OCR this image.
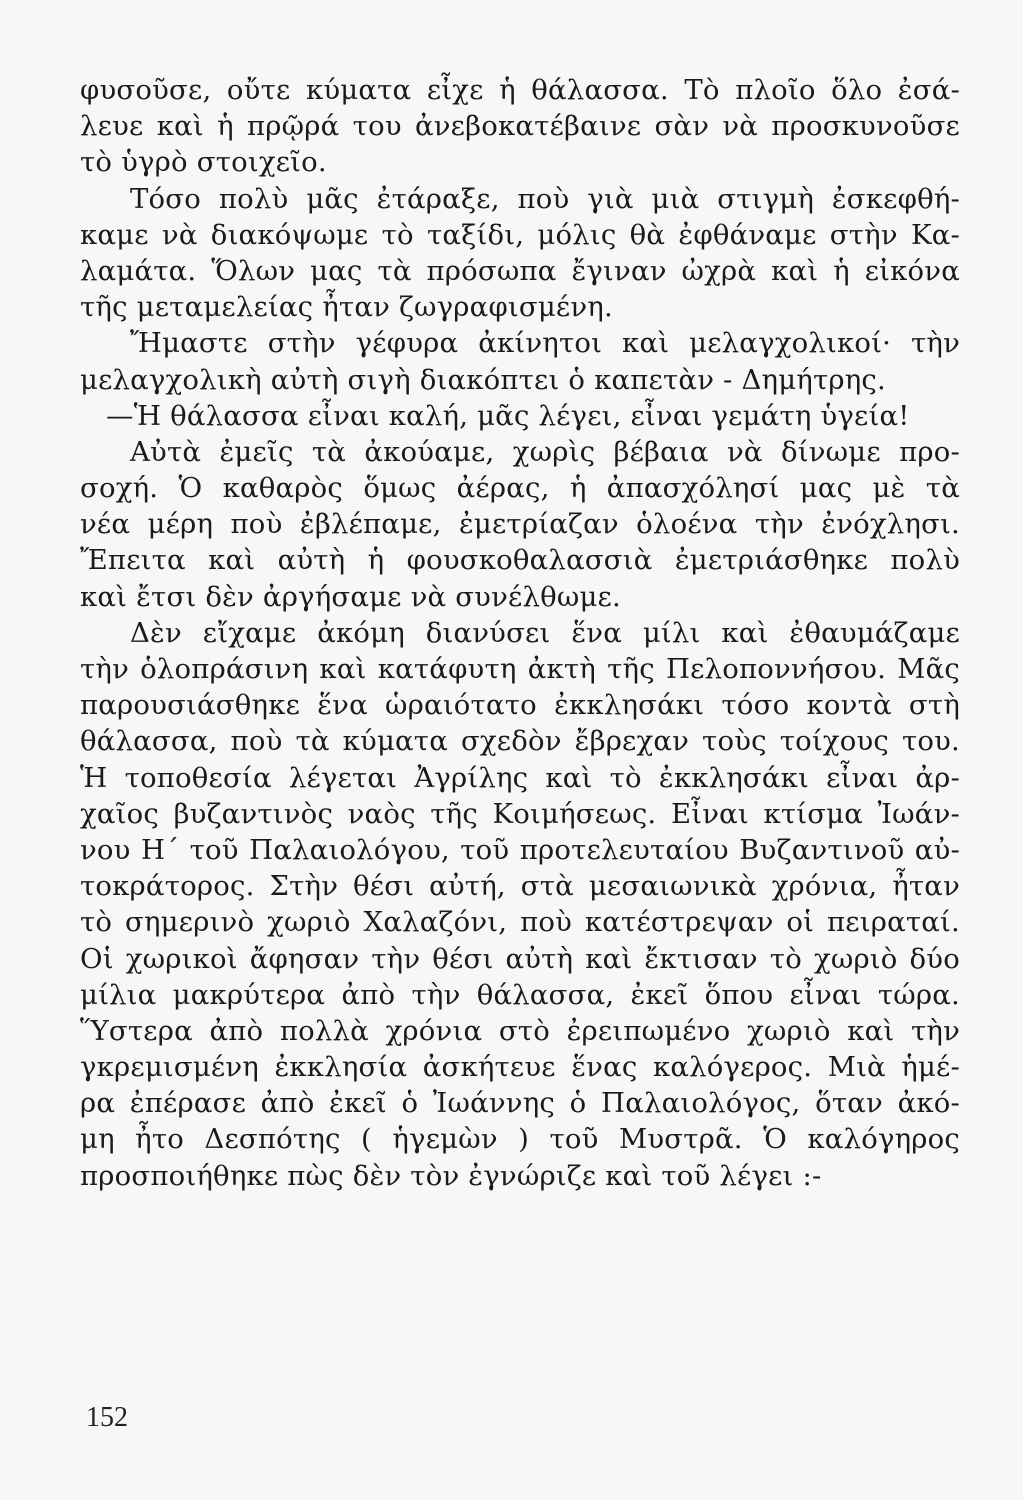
φυσοῦσε, οὔτε κύματα εἶχε ἡ θάλασσα. Τὸ πλοῖο ὅλο ἐσά-
λευε καὶ ἡ πρῷρά του ἀνεβοκατέβαινε σὰν νὰ προσκυνοῦσε
τὸ ὑγρὸ στοιχεῖο.
Τόσο πολὺ μᾶς ἐτάραξε, ποὺ γιὰ μιὰ στιγμὴ ἐσκεφθή-
καμε νὰ διακόψωμε τὸ ταξίδι, μόλις θὰ ἐφθάναμε στὴν Κα-
λαμάτα. Ὅλων μας τὰ πρόσωπα ἔγιναν ὠχρὰ καὶ ἡ εἰκόνα
τῆς μεταμελείας ἦταν ζωγραφισμένη.
Ἤμαστε στὴν γέφυρα ἀκίνητοι καὶ μελαγχολικοί· τὴν
μελαγχολικὴ αὐτὴ σιγὴ διακόπτει ὁ καπετὰν - Δημήτρης.
—Ἡ θάλασσα εἶναι καλή, μᾶς λέγει, εἶναι γεμάτη ὑγεία!
Αὐτὰ ἐμεῖς τὰ ἀκούαμε, χωρὶς βέβαια νὰ δίνωμε προ-
σοχή. Ὁ καθαρὸς ὅμως ἀέρας, ἡ ἀπασχόλησί μας μὲ τὰ
νέα μέρη ποὺ ἐβλέπαμε, ἐμετρίαζαν ὁλοένα τὴν ἐνόχλησι.
Ἔπειτα καὶ αὐτὴ ἡ φουσκοθαλασσιὰ ἐμετριάσθηκε πολὺ
καὶ ἔτσι δὲν ἀργήσαμε νὰ συνέλθωμε.
Δὲν εἴχαμε ἀκόμη διανύσει ἕνα μίλι καὶ ἐθαυμάζαμε
τὴν ὁλοπράσινη καὶ κατάφυτη ἀκτὴ τῆς Πελοποννήσου. Μᾶς
παρουσιάσθηκε ἕνα ὡραιότατο ἐκκλησάκι τόσο κοντὰ στὴ
θάλασσα, ποὺ τὰ κύματα σχεδὸν ἔβρεχαν τοὺς τοίχους του.
Ἡ τοποθεσία λέγεται Ἀγρίλης καὶ τὸ ἐκκλησάκι εἶναι ἀρ-
χαῖος βυζαντινὸς ναὸς τῆς Κοιμήσεως. Εἶναι κτίσμα Ἰωάν-
νου Η΄ τοῦ Παλαιολόγου, τοῦ προτελευταίου Βυζαντινοῦ αὐ-
τοκράτορος. Στὴν θέσι αὐτή, στὰ μεσαιωνικὰ χρόνια, ἦταν
τὸ σημερινὸ χωριὸ Χαλαζόνι, ποὺ κατέστρεψαν οἱ πειραταί.
Οἱ χωρικοὶ ἄφησαν τὴν θέσι αὐτὴ καὶ ἔκτισαν τὸ χωριὸ δύο
μίλια μακρύτερα ἀπὸ τὴν θάλασσα, ἐκεῖ ὅπου εἶναι τώρα.
Ὕστερα ἀπὸ πολλὰ χρόνια στὸ ἐρειπωμένο χωριὸ καὶ τὴν
γκρεμισμένη ἐκκλησία ἀσκήτευε ἕνας καλόγερος. Μιὰ ἡμέ-
ρα ἐπέρασε ἀπὸ ἐκεῖ ὁ Ἰωάννης ὁ Παλαιολόγος, ὅταν ἀκό-
μη ἦτο Δεσπότης ( ἡγεμὼν ) τοῦ Μυστρᾶ. Ὁ καλόγηρος
προσποιήθηκε πὼς δὲν τὸν ἐγνώριζε καὶ τοῦ λέγει :-
152
